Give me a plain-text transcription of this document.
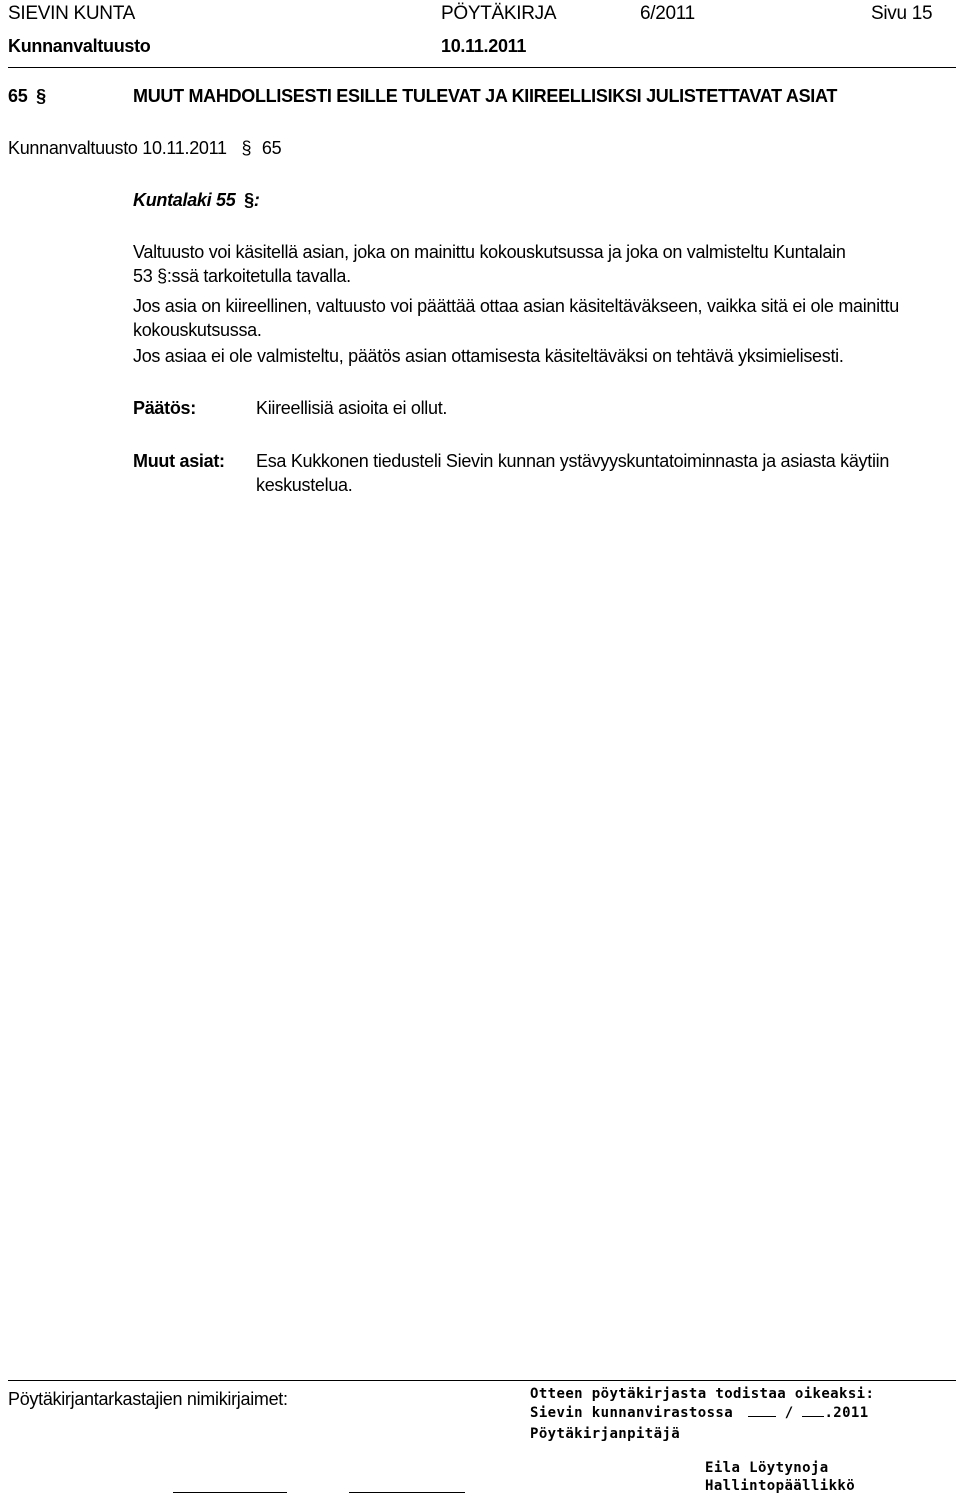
SIEVIN KUNTA	PÖYTÄKIRJA	6/2011	Sivu 15
Kunnanvaltuusto	10.11.2011
65 §	MUUT MAHDOLLISESTI ESILLE TULEVAT JA KIIREELLISIKSI JULISTETTAVAT ASIAT
Kunnanvaltuusto 10.11.2011 § 65
Kuntalaki 55 §:
Valtuusto voi käsitellä asian, joka on mainittu kokouskutsussa ja joka on valmisteltu Kuntalain
53 §:ssä tarkoitetulla tavalla.
Jos asia on kiireellinen, valtuusto voi päättää ottaa asian käsiteltäväkseen, vaikka sitä ei ole mainittu kokouskutsussa.
Jos asiaa ei ole valmisteltu, päätös asian ottamisesta käsiteltäväksi on tehtävä yksimielisesti.
Päätös:	Kiireellisiä asioita ei ollut.
Muut asiat: Esa Kukkonen tiedusteli Sievin kunnan ystävyyskuntatoiminnasta ja asiasta käytiin
keskustelua.
Pöytäkirjantarkastajien nimikirjaimet:	Otteen pöytäkirjasta todistaa oikeaksi:
Sievin kunnanvirastossa	/ .2011
Pöytäkirjanpitäjä
Eila Löytynoja
Hallintopäällikkö
